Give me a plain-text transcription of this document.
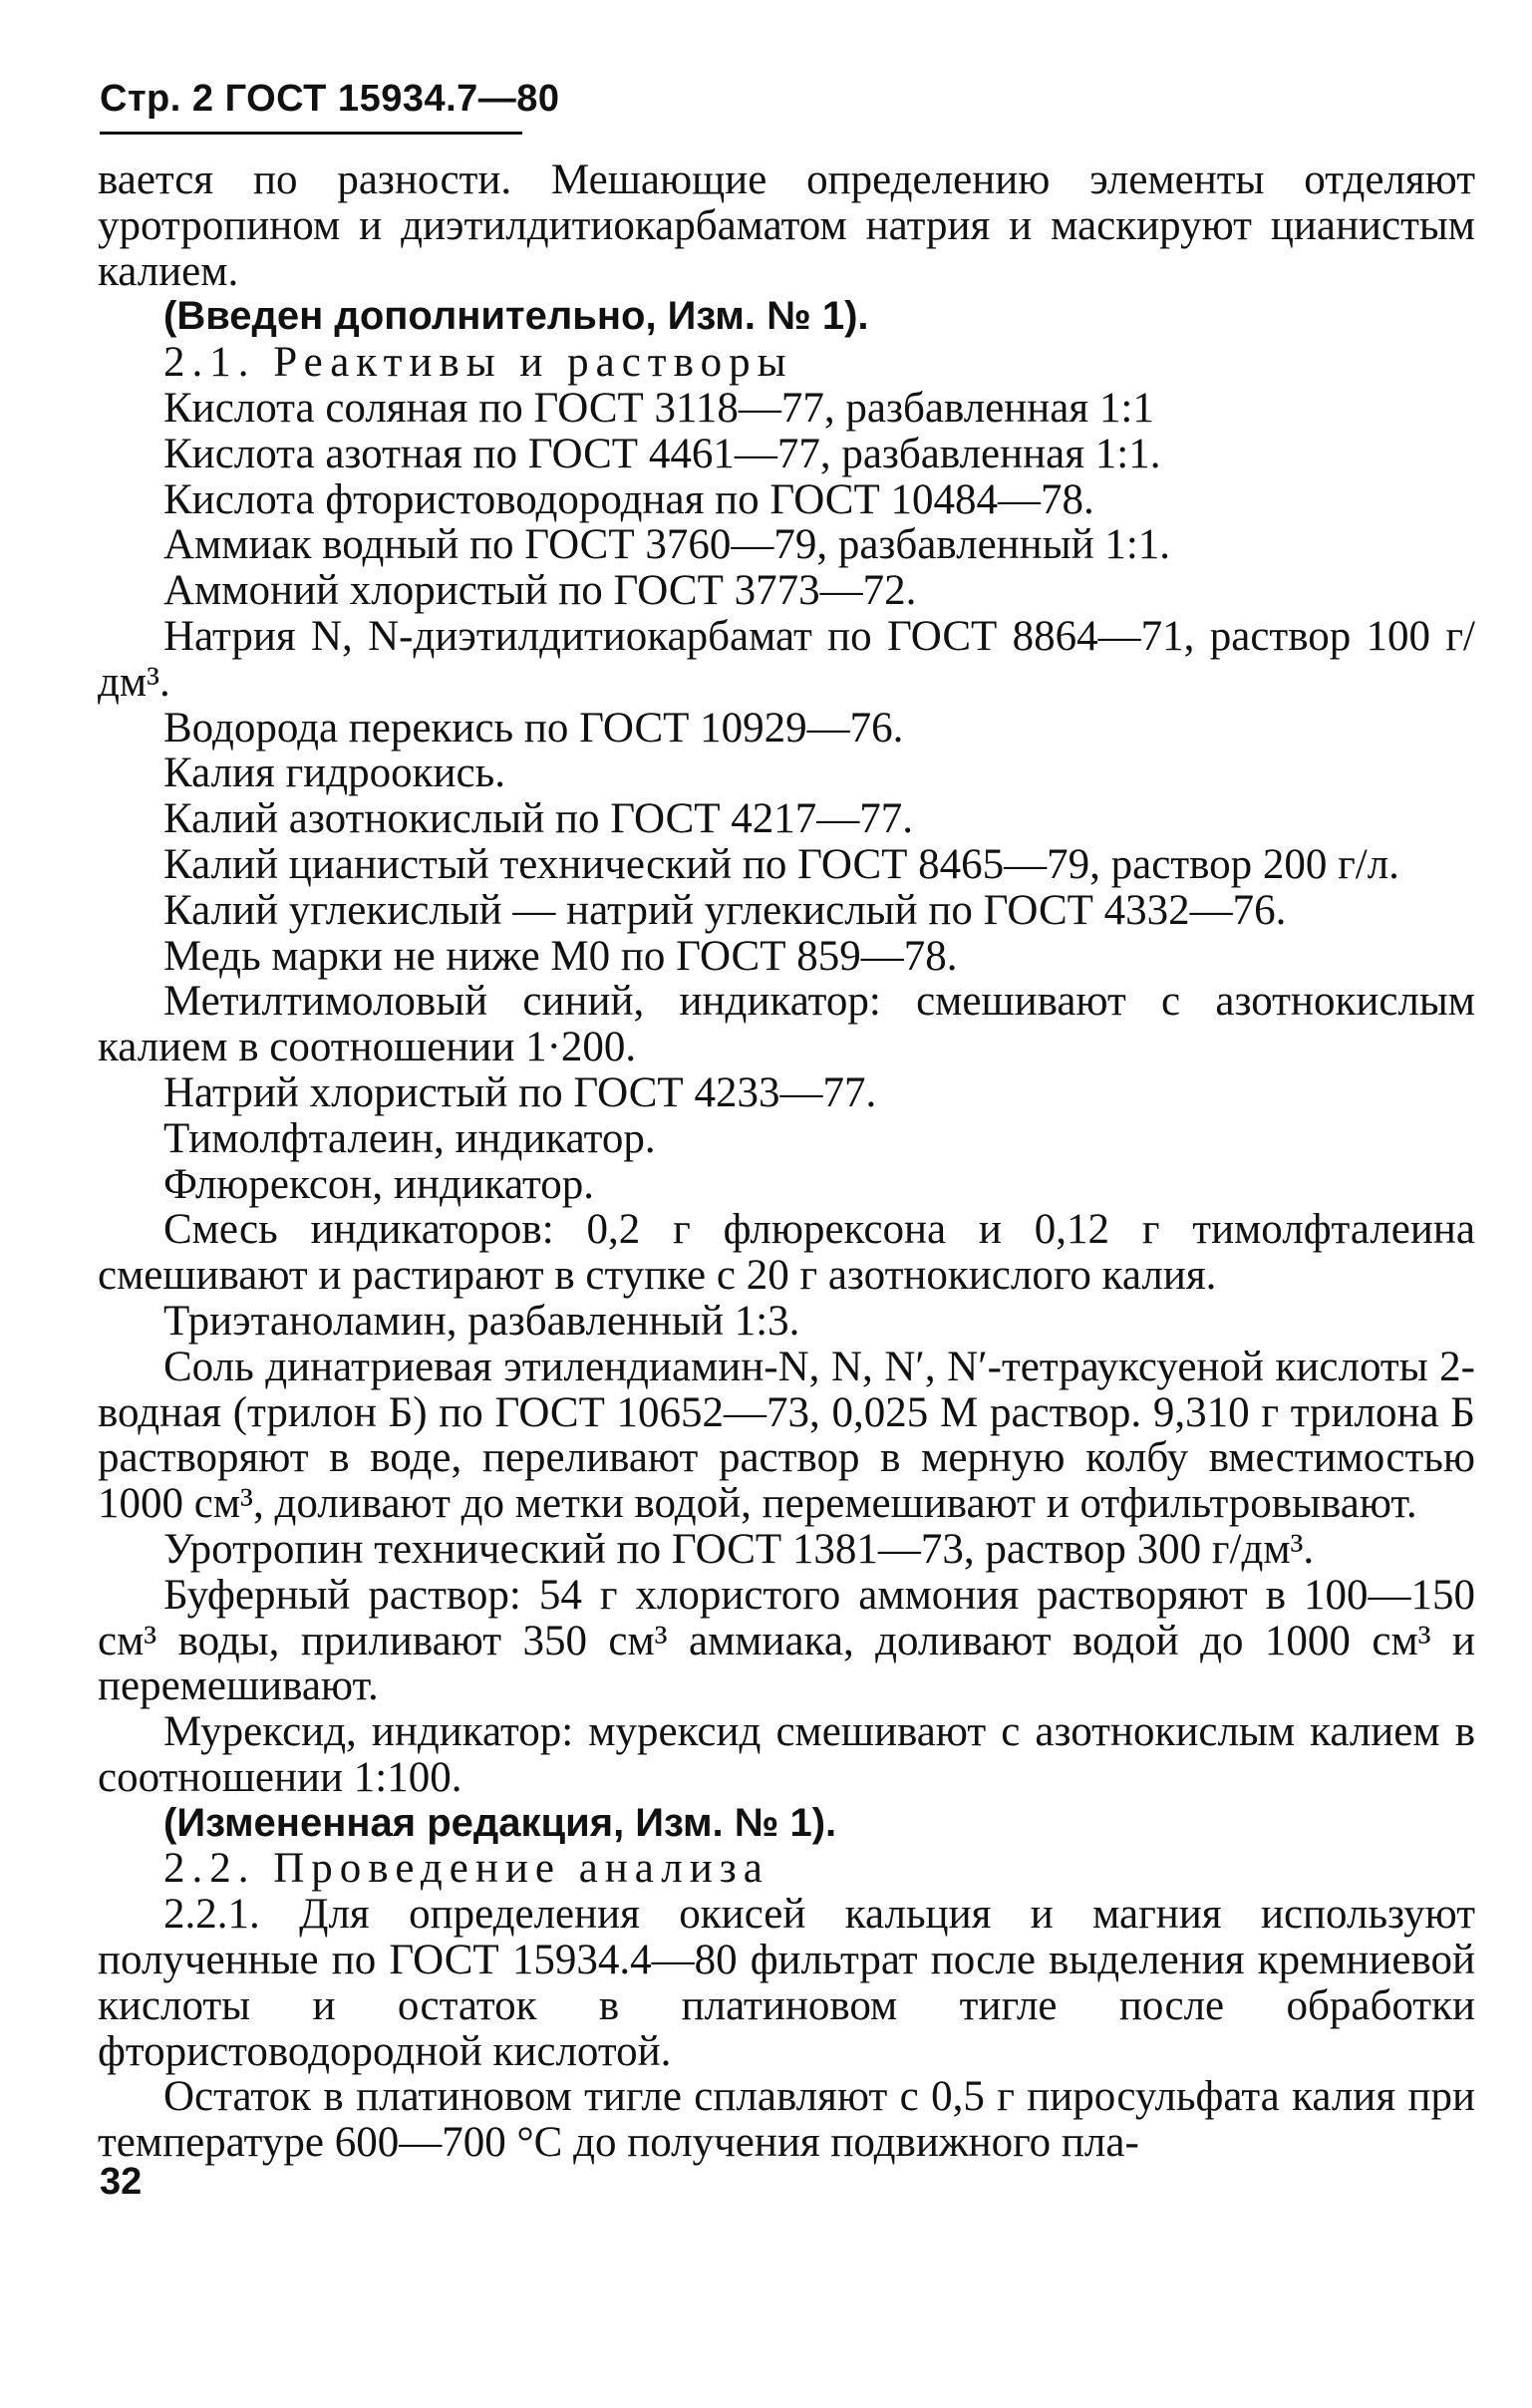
Стр. 2 ГОСТ 15934.7—80

вается по разности. Мешающие определению элементы отделяют уротропином и диэтилдитиокарбаматом натрия и маскируют цианистым калием.

(Введен дополнительно, Изм. № 1).

2.1. Реактивы и растворы

Кислота соляная по ГОСТ 3118—77, разбавленная 1:1

Кислота азотная по ГОСТ 4461—77, разбавленная 1:1.

Кислота фтористоводородная по ГОСТ 10484—78.

Аммиак водный по ГОСТ 3760—79, разбавленный 1:1.

Аммоний хлористый по ГОСТ 3773—72.

Натрия N, N-диэтилдитиокарбамат по ГОСТ 8864—71, раствор 100 г/дм³.

Водорода перекись по ГОСТ 10929—76.

Калия гидроокись.

Калий азотнокислый по ГОСТ 4217—77.

Калий цианистый технический по ГОСТ 8465—79, раствор 200 г/л.

Калий углекислый — натрий углекислый по ГОСТ 4332—76.

Медь марки не ниже М0 по ГОСТ 859—78.

Метилтимоловый синий, индикатор: смешивают с азотнокислым калием в соотношении 1·200.

Натрий хлористый по ГОСТ 4233—77.

Тимолфталеин, индикатор.

Флюрексон, индикатор.

Смесь индикаторов: 0,2 г флюрексона и 0,12 г тимолфталеина смешивают и растирают в ступке с 20 г азотнокислого калия.

Триэтаноламин, разбавленный 1:3.

Соль динатриевая этилендиамин-N, N, N′, N′-тетрауксуеной кислоты 2-водная (трилон Б) по ГОСТ 10652—73, 0,025 М раствор. 9,310 г трилона Б растворяют в воде, переливают раствор в мерную колбу вместимостью 1000 см³, доливают до метки водой, перемешивают и отфильтровывают.

Уротропин технический по ГОСТ 1381—73, раствор 300 г/дм³.

Буферный раствор: 54 г хлористого аммония растворяют в 100—150 см³ воды, приливают 350 см³ аммиака, доливают водой до 1000 см³ и перемешивают.

Мурексид, индикатор: мурексид смешивают с азотнокислым калием в соотношении 1:100.

(Измененная редакция, Изм. № 1).

2.2. Проведение анализа

2.2.1. Для определения окисей кальция и магния используют полученные по ГОСТ 15934.4—80 фильтрат после выделения кремниевой кислоты и остаток в платиновом тигле после обработки фтористоводородной кислотой.

Остаток в платиновом тигле сплавляют с 0,5 г пиросульфата калия при температуре 600—700 °С до получения подвижного пла-

32
